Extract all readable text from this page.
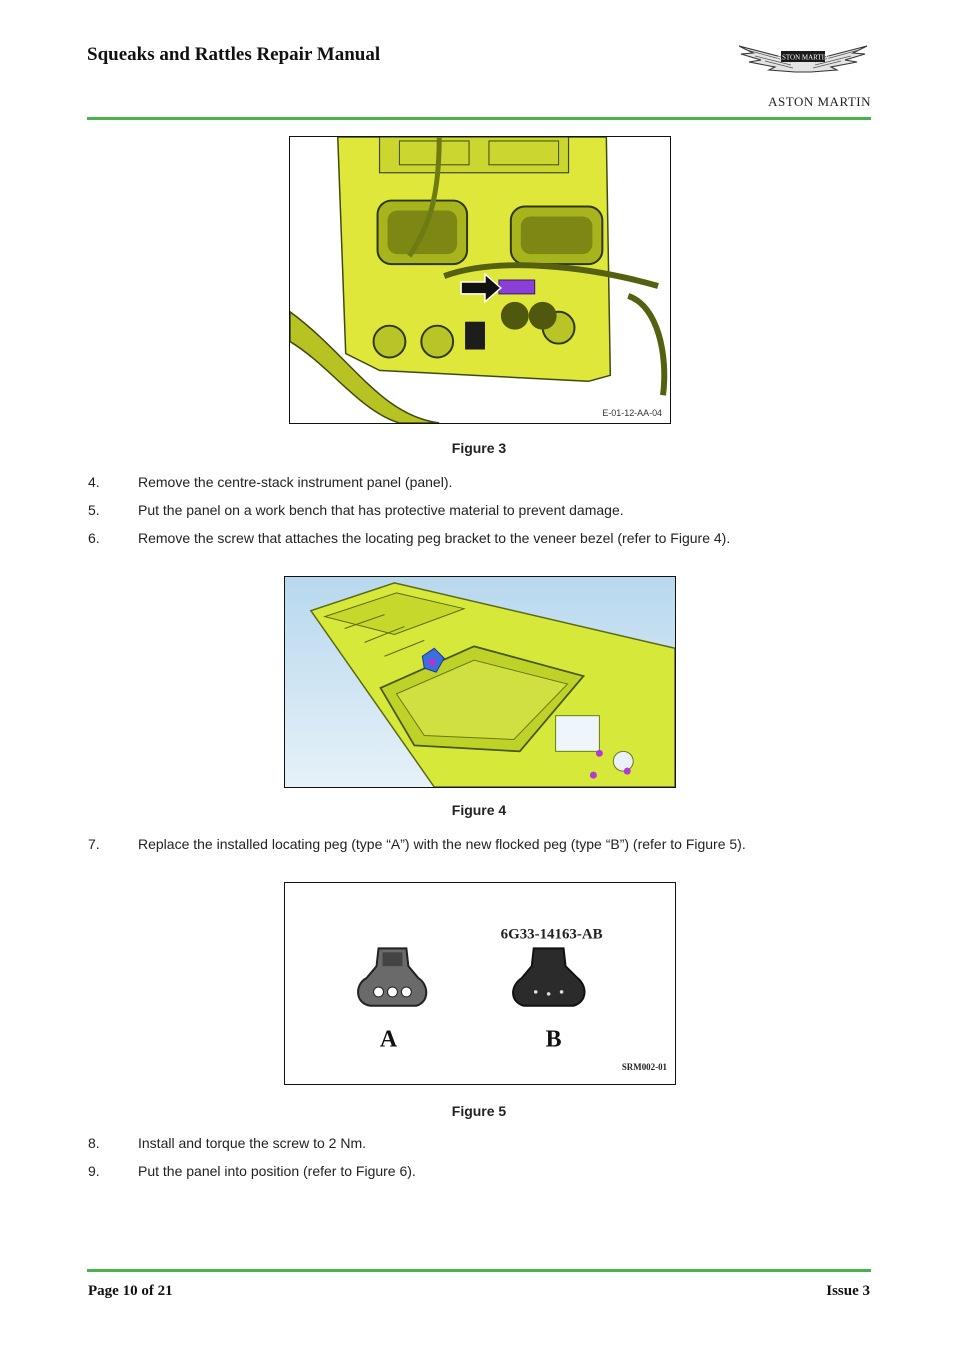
Squeaks and Rattles Repair Manual	ASTON MARTIN
ASTON MARTIN
E-01-12-AA-04
Figure 3
4.	Remove the centre-stack instrument panel (panel).
5.	Put the panel on a work bench that has protective material to prevent damage.
6.	Remove the screw that attaches the locating peg bracket to the veneer bezel (refer to Figure 4).
Figure 4
7.	Replace the installed locating peg (type “A”) with the new flocked peg (type “B”) (refer to Figure 5).
6G33-14163-AB
A	B
SRM002-01
Figure 5
8.	Install and torque the screw to 2 Nm.
9.	Put the panel into position (refer to Figure 6).
Page 10 of 21	Issue 3
